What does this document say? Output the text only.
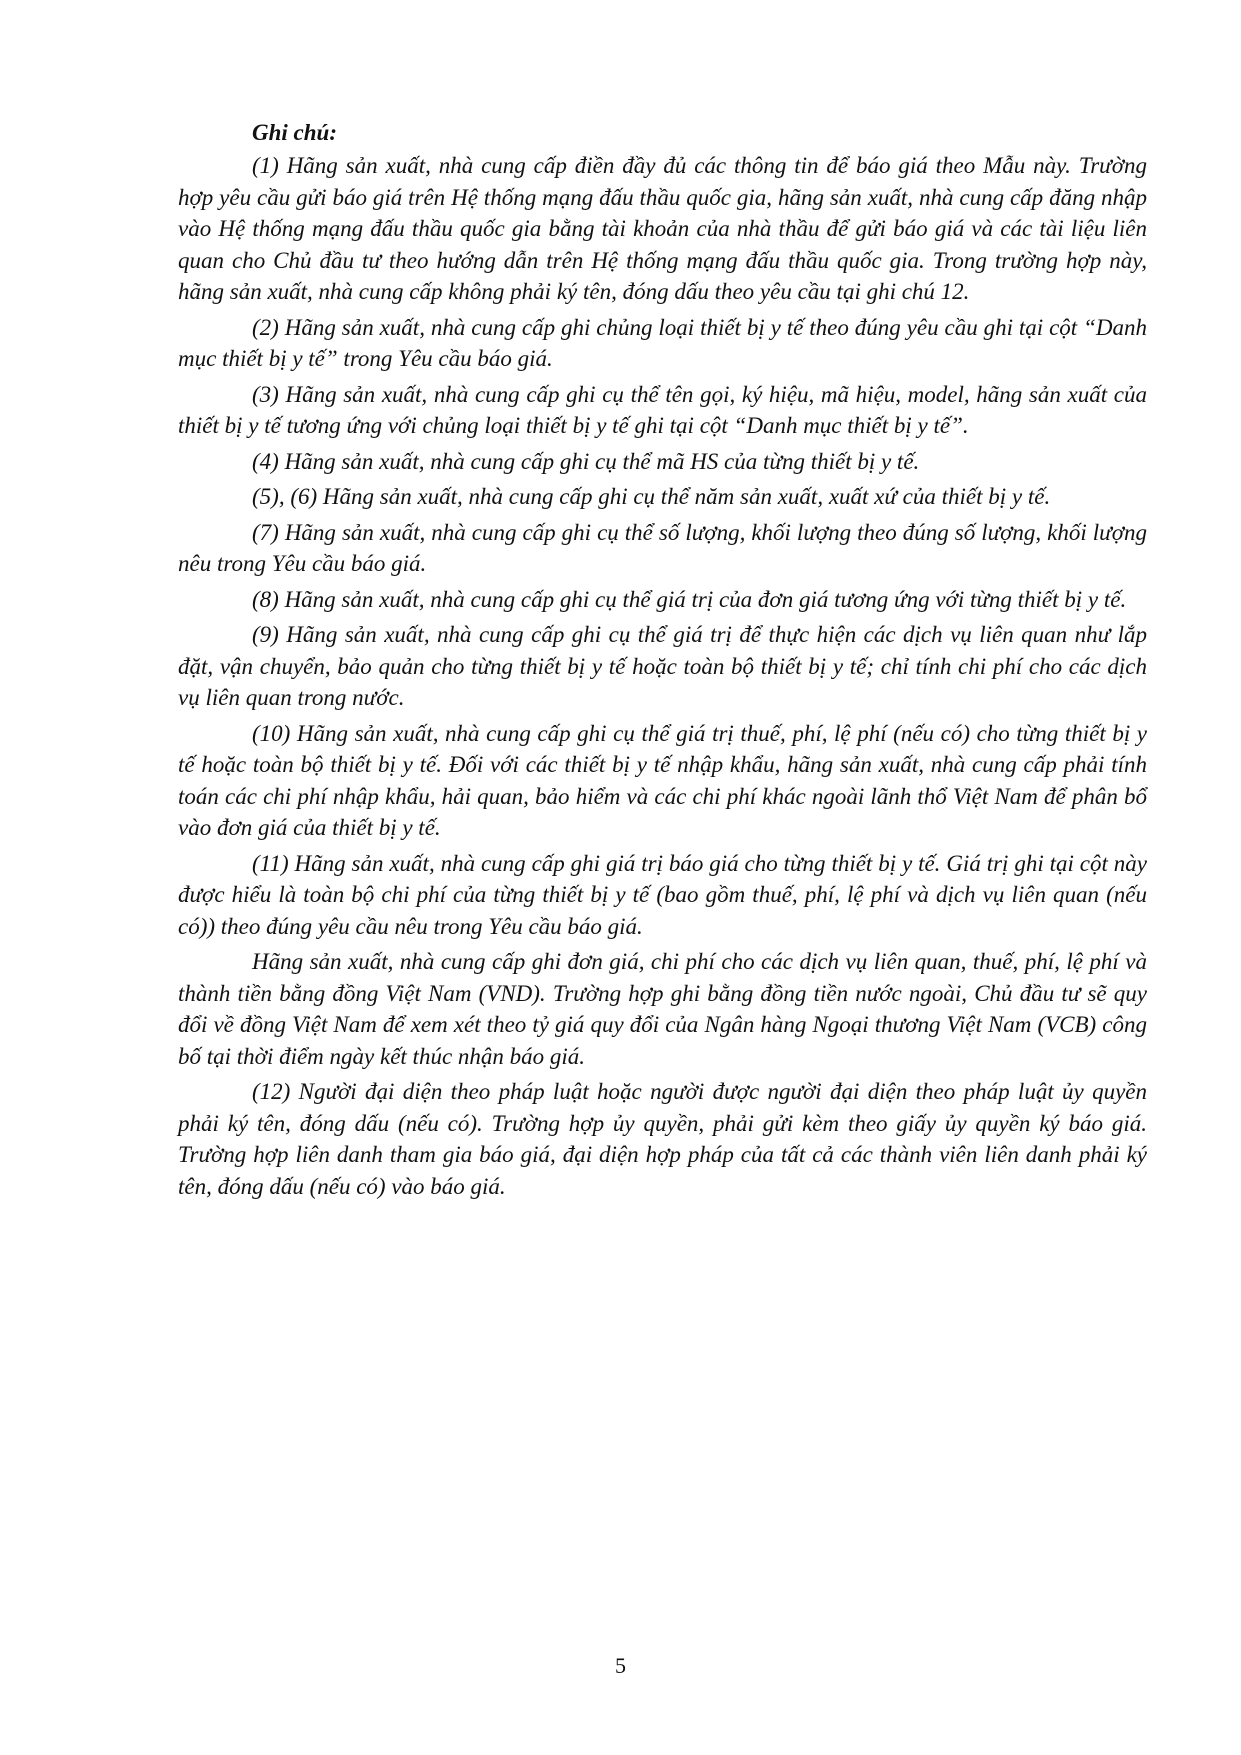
Ghi chú:

(1) Hãng sản xuất, nhà cung cấp điền đầy đủ các thông tin để báo giá theo Mẫu này. Trường hợp yêu cầu gửi báo giá trên Hệ thống mạng đấu thầu quốc gia, hãng sản xuất, nhà cung cấp đăng nhập vào Hệ thống mạng đấu thầu quốc gia bằng tài khoản của nhà thầu để gửi báo giá và các tài liệu liên quan cho Chủ đầu tư theo hướng dẫn trên Hệ thống mạng đấu thầu quốc gia. Trong trường hợp này, hãng sản xuất, nhà cung cấp không phải ký tên, đóng dấu theo yêu cầu tại ghi chú 12.

(2) Hãng sản xuất, nhà cung cấp ghi chủng loại thiết bị y tế theo đúng yêu cầu ghi tại cột “Danh mục thiết bị y tế” trong Yêu cầu báo giá.

(3) Hãng sản xuất, nhà cung cấp ghi cụ thể tên gọi, ký hiệu, mã hiệu, model, hãng sản xuất của thiết bị y tế tương ứng với chủng loại thiết bị y tế ghi tại cột “Danh mục thiết bị y tế”.

(4) Hãng sản xuất, nhà cung cấp ghi cụ thể mã HS của từng thiết bị y tế.

(5), (6) Hãng sản xuất, nhà cung cấp ghi cụ thể năm sản xuất, xuất xứ của thiết bị y tế.

(7) Hãng sản xuất, nhà cung cấp ghi cụ thể số lượng, khối lượng theo đúng số lượng, khối lượng nêu trong Yêu cầu báo giá.

(8) Hãng sản xuất, nhà cung cấp ghi cụ thể giá trị của đơn giá tương ứng với từng thiết bị y tế.

(9) Hãng sản xuất, nhà cung cấp ghi cụ thể giá trị để thực hiện các dịch vụ liên quan như lắp đặt, vận chuyển, bảo quản cho từng thiết bị y tế hoặc toàn bộ thiết bị y tế; chỉ tính chi phí cho các dịch vụ liên quan trong nước.

(10) Hãng sản xuất, nhà cung cấp ghi cụ thể giá trị thuế, phí, lệ phí (nếu có) cho từng thiết bị y tế hoặc toàn bộ thiết bị y tế. Đối với các thiết bị y tế nhập khẩu, hãng sản xuất, nhà cung cấp phải tính toán các chi phí nhập khẩu, hải quan, bảo hiểm và các chi phí khác ngoài lãnh thổ Việt Nam để phân bổ vào đơn giá của thiết bị y tế.

(11) Hãng sản xuất, nhà cung cấp ghi giá trị báo giá cho từng thiết bị y tế. Giá trị ghi tại cột này được hiểu là toàn bộ chi phí của từng thiết bị y tế (bao gồm thuế, phí, lệ phí và dịch vụ liên quan (nếu có)) theo đúng yêu cầu nêu trong Yêu cầu báo giá.

Hãng sản xuất, nhà cung cấp ghi đơn giá, chi phí cho các dịch vụ liên quan, thuế, phí, lệ phí và thành tiền bằng đồng Việt Nam (VND). Trường hợp ghi bằng đồng tiền nước ngoài, Chủ đầu tư sẽ quy đổi về đồng Việt Nam để xem xét theo tỷ giá quy đổi của Ngân hàng Ngoại thương Việt Nam (VCB) công bố tại thời điểm ngày kết thúc nhận báo giá.

(12) Người đại diện theo pháp luật hoặc người được người đại diện theo pháp luật ủy quyền phải ký tên, đóng dấu (nếu có). Trường hợp ủy quyền, phải gửi kèm theo giấy ủy quyền ký báo giá. Trường hợp liên danh tham gia báo giá, đại diện hợp pháp của tất cả các thành viên liên danh phải ký tên, đóng dấu (nếu có) vào báo giá.

5
